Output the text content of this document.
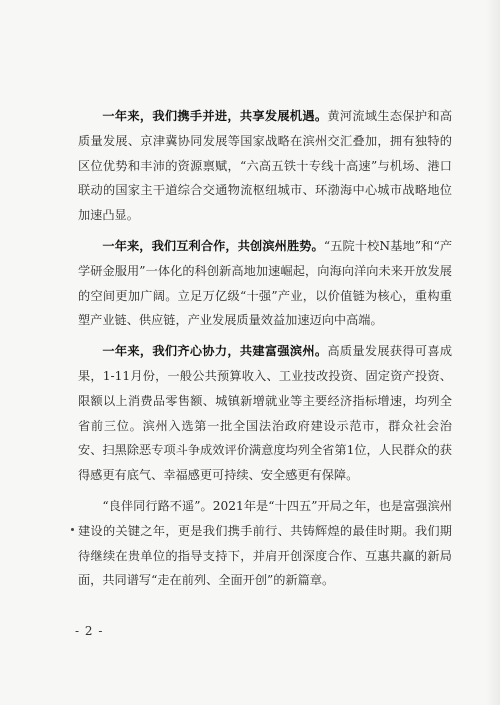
一年来，我们携手并进，共享发展机遇。黄河流域生态保护和高质量发展、京津冀协同发展等国家战略在滨州交汇叠加，拥有独特的区位优势和丰沛的资源禀赋，“六高五铁十专线十高速”与机场、港口联动的国家主干道综合交通物流枢纽城市、环渤海中心城市战略地位加速凸显。

一年来，我们互利合作，共创滨州胜势。“五院十校N基地”和“产学研金服用”一体化的科创新高地加速崛起，向海向洋向未来开放发展的空间更加广阔。立足万亿级“十强”产业，以价值链为核心，重构重塑产业链、供应链，产业发展质量效益加速迈向中高端。

一年来，我们齐心协力，共建富强滨州。高质量发展获得可喜成果，1-11月份，一般公共预算收入、工业技改投资、固定资产投资、限额以上消费品零售额、城镇新增就业等主要经济指标增速，均列全省前三位。滨州入选第一批全国法治政府建设示范市，群众社会治安、扫黑除恶专项斗争成效评价满意度均列全省第1位，人民群众的获得感更有底气、幸福感更可持续、安全感更有保障。

“良伴同行路不遥”。2021年是“十四五”开局之年，也是富强滨州建设的关键之年，更是我们携手前行、共铸辉煌的最佳时期。我们期待继续在贵单位的指导支持下，并肩开创深度合作、互惠共赢的新局面，共同谱写“走在前列、全面开创”的新篇章。

- 2 -
